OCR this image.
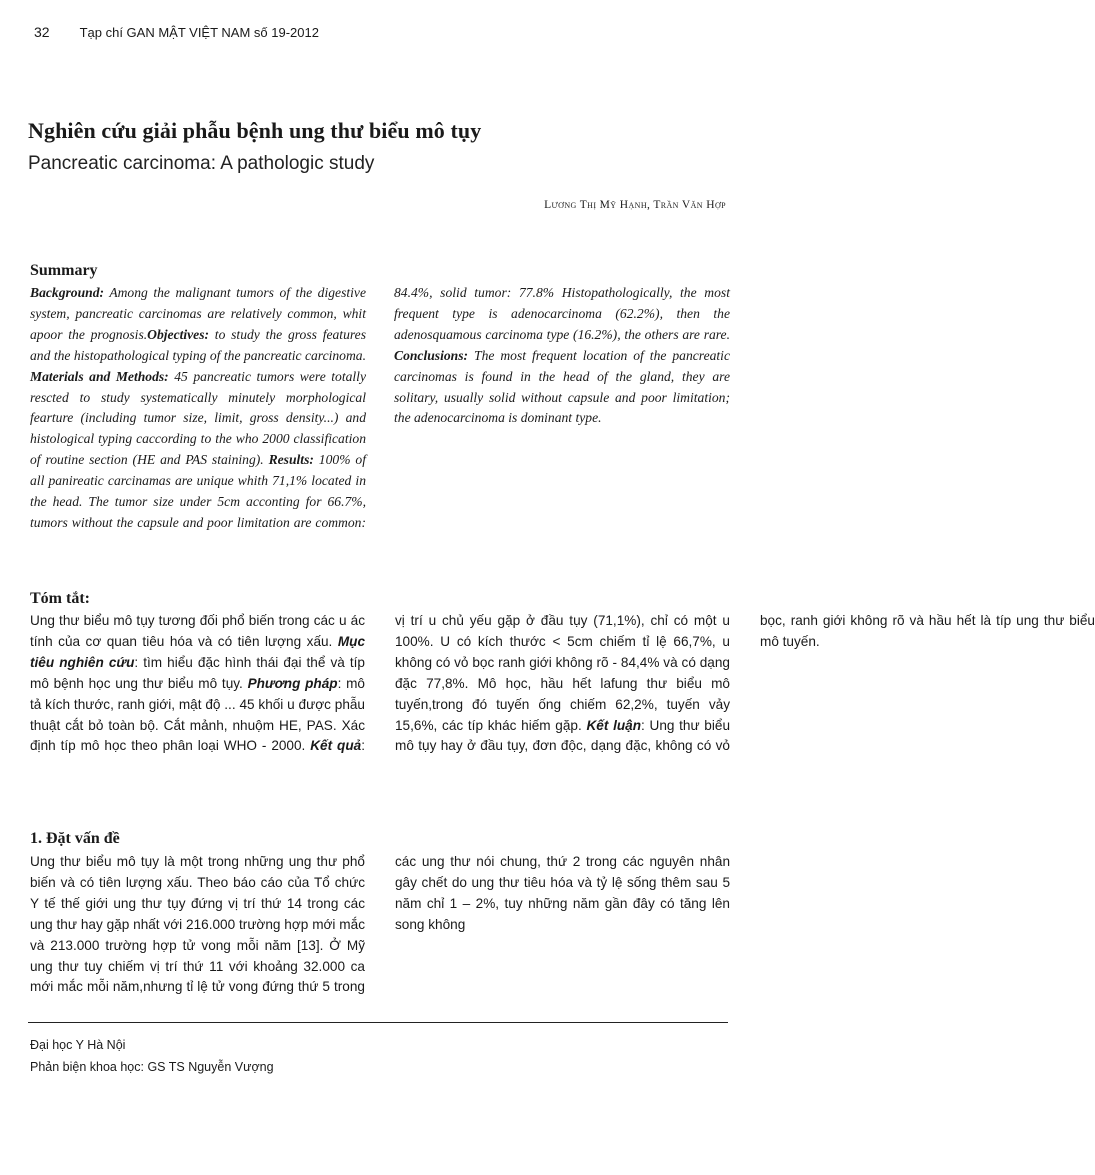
32 Tạp chí GAN MẬT VIỆT NAM số 19-2012
Nghiên cứu giải phẫu bệnh ung thư biểu mô tụy
Pancreatic carcinoma: A pathologic study
Lương Thị Mỹ Hạnh, Trần Văn Hợp
Summary
Background: Among the malignant tumors of the digestive system, pancreatic carcinomas are relatively common, whit apoor the prognosis.Objectives: to study the gross features and the histopathological typing of the pancreatic carcinoma. Materials and Methods: 45 pancreatic tumors were totally rescted to study systematically minutely morphological fearture (including tumor size, limit, gross density...) and histological typing caccording to the who 2000 classification of routine section (HE and PAS staining). Results: 100% of all panireatic carcinamas are unique whith 71,1% located in the head. The tumor size under 5cm acconting for 66.7%, tumors without the capsule and poor limitation are common: 84.4%, solid tumor: 77.8% Histopathologically, the most frequent type is adenocarcinoma (62.2%), then the adenosquamous carcinoma type (16.2%), the others are rare. Conclusions: The most frequent location of the pancreatic carcinomas is found in the head of the gland, they are solitary, usually solid without capsule and poor limitation; the adenocarcinoma is dominant type.
Tóm tắt:
Ung thư biểu mô tụy tương đối phổ biến trong các u ác tính của cơ quan tiêu hóa và có tiên lượng xấu. Mục tiêu nghiên cứu: tìm hiểu đặc hình thái đại thể và típ mô bệnh học ung thư biểu mô tụy. Phương pháp: mô tả kích thước, ranh giới, mật độ ... 45 khối u được phẫu thuật cắt bỏ toàn bộ. Cắt mảnh, nhuộm HE, PAS. Xác định típ mô học theo phân loại WHO - 2000. Kết quả: vị trí u chủ yếu gặp ở đầu tụy (71,1%), chỉ có một u 100%. U có kích thước < 5cm chiếm tỉ lệ 66,7%, u không có vỏ bọc ranh giới không rõ - 84,4% và có dạng đặc 77,8%. Mô học, hầu hết lafung thư biểu mô tuyến,trong đó tuyến ống chiếm 62,2%, tuyến vảy 15,6%, các típ khác hiếm gặp. Kết luận: Ung thư biểu mô tụy hay ở đầu tụy, đơn độc, dạng đặc, không có vỏ bọc, ranh giới không rõ và hầu hết là típ ung thư biểu mô tuyến.
1. Đặt vấn đề
Ung thư biểu mô tụy là một trong những ung thư phổ biến và có tiên lượng xấu. Theo báo cáo của Tổ chức Y tế thế giới ung thư tụy đứng vị trí thứ 14 trong các ung thư hay gặp nhất với 216.000 trường hợp mới mắc và 213.000 trường hợp tử vong mỗi năm [13]. Ở Mỹ ung thư tuy chiếm vị trí thứ 11 với khoảng 32.000 ca mới mắc mỗi năm,nhưng tỉ lệ tử vong đứng thứ 5 trong các ung thư nói chung, thứ 2 trong các nguyên nhân gây chết do ung thư tiêu hóa và tỷ lệ sống thêm sau 5 năm chỉ 1 – 2%, tuy những năm gần đây có tăng lên song không
Đại học Y Hà Nội
Phản biện khoa học: GS TS Nguyễn Vượng
